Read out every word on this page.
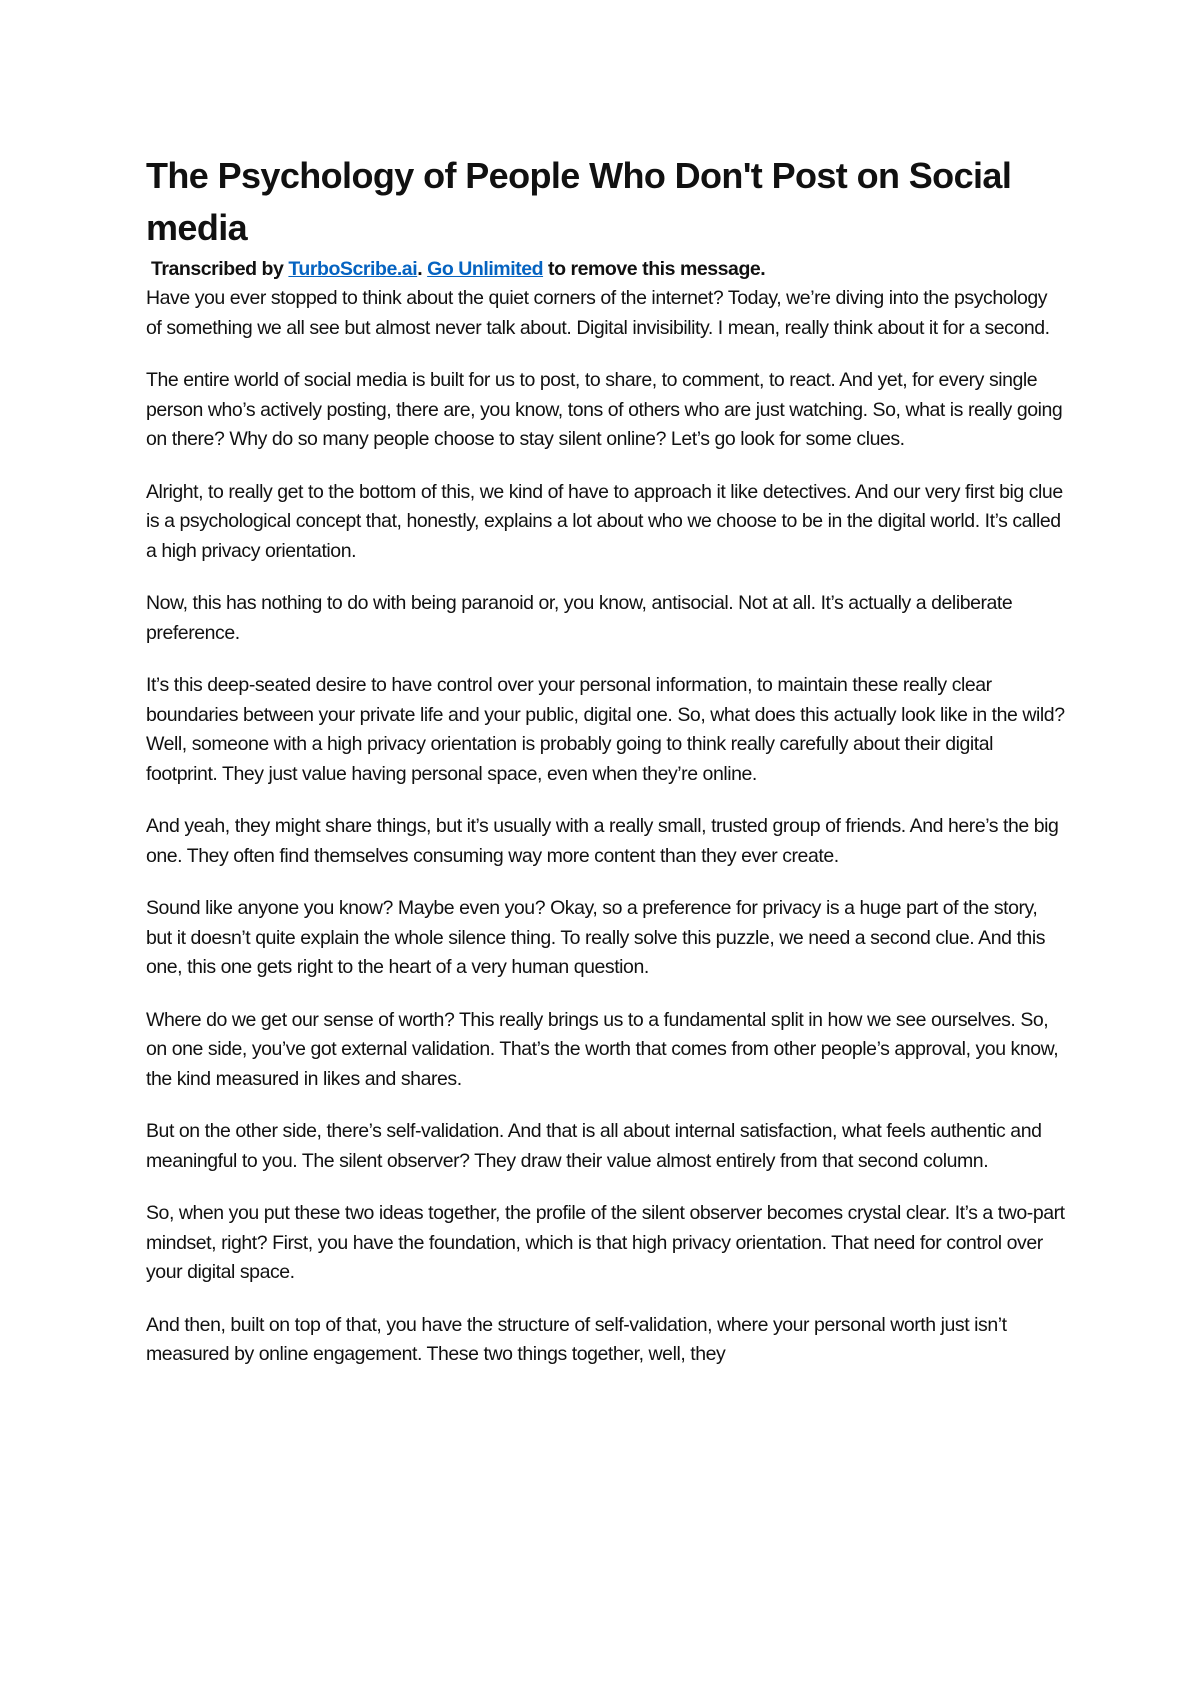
The Psychology of People Who Don't Post on Social media
Transcribed by TurboScribe.ai. Go Unlimited to remove this message.

Have you ever stopped to think about the quiet corners of the internet? Today, we’re diving into the psychology of something we all see but almost never talk about. Digital invisibility. I mean, really think about it for a second.

The entire world of social media is built for us to post, to share, to comment, to react. And yet, for every single person who’s actively posting, there are, you know, tons of others who are just watching. So, what is really going on there? Why do so many people choose to stay silent online? Let’s go look for some clues.

Alright, to really get to the bottom of this, we kind of have to approach it like detectives. And our very first big clue is a psychological concept that, honestly, explains a lot about who we choose to be in the digital world. It’s called a high privacy orientation.

Now, this has nothing to do with being paranoid or, you know, antisocial. Not at all. It’s actually a deliberate preference.

It’s this deep-seated desire to have control over your personal information, to maintain these really clear boundaries between your private life and your public, digital one. So, what does this actually look like in the wild? Well, someone with a high privacy orientation is probably going to think really carefully about their digital footprint. They just value having personal space, even when they’re online.

And yeah, they might share things, but it’s usually with a really small, trusted group of friends. And here’s the big one. They often find themselves consuming way more content than they ever create.

Sound like anyone you know? Maybe even you? Okay, so a preference for privacy is a huge part of the story, but it doesn’t quite explain the whole silence thing. To really solve this puzzle, we need a second clue. And this one, this one gets right to the heart of a very human question.

Where do we get our sense of worth? This really brings us to a fundamental split in how we see ourselves. So, on one side, you’ve got external validation. That’s the worth that comes from other people’s approval, you know, the kind measured in likes and shares.

But on the other side, there’s self-validation. And that is all about internal satisfaction, what feels authentic and meaningful to you. The silent observer? They draw their value almost entirely from that second column.

So, when you put these two ideas together, the profile of the silent observer becomes crystal clear. It’s a two-part mindset, right? First, you have the foundation, which is that high privacy orientation. That need for control over your digital space.

And then, built on top of that, you have the structure of self-validation, where your personal worth just isn’t measured by online engagement. These two things together, well, they
